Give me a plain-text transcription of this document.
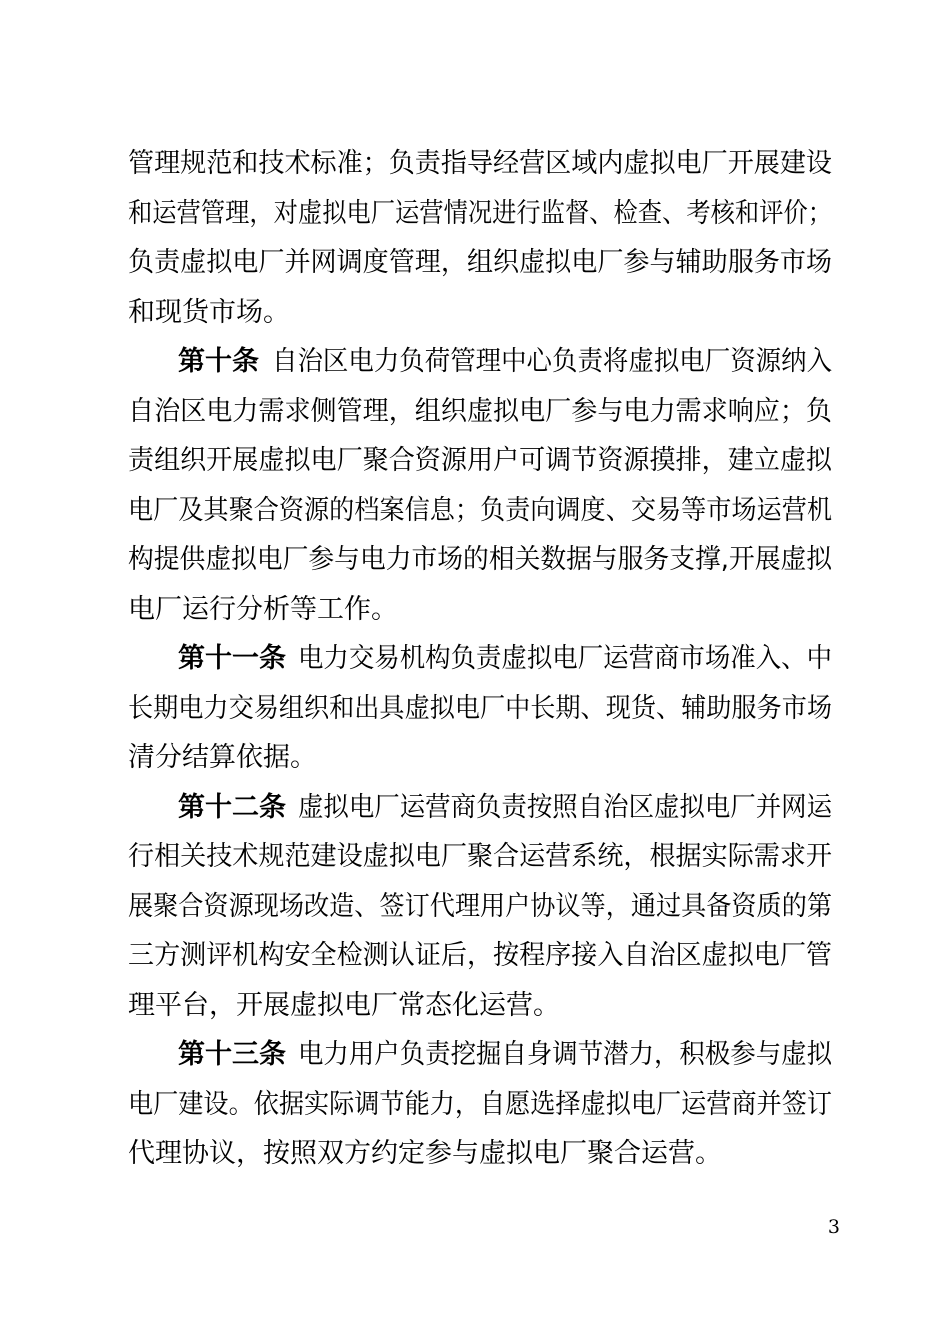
管理规范和技术标准；负责指导经营区域内虚拟电厂开展建设
和运营管理，对虚拟电厂运营情况进行监督、检查、考核和评价；
负责虚拟电厂并网调度管理，组织虚拟电厂参与辅助服务市场
和现货市场。
第十条 自治区电力负荷管理中心负责将虚拟电厂资源纳入
自治区电力需求侧管理，组织虚拟电厂参与电力需求响应；负
责组织开展虚拟电厂聚合资源用户可调节资源摸排，建立虚拟
电厂及其聚合资源的档案信息；负责向调度、交易等市场运营机
构提供虚拟电厂参与电力市场的相关数据与服务支撑,开展虚拟
电厂运行分析等工作。
第十一条 电力交易机构负责虚拟电厂运营商市场准入、中
长期电力交易组织和出具虚拟电厂中长期、现货、辅助服务市场
清分结算依据。
第十二条 虚拟电厂运营商负责按照自治区虚拟电厂并网运
行相关技术规范建设虚拟电厂聚合运营系统，根据实际需求开
展聚合资源现场改造、签订代理用户协议等，通过具备资质的第
三方测评机构安全检测认证后，按程序接入自治区虚拟电厂管
理平台，开展虚拟电厂常态化运营。
第十三条 电力用户负责挖掘自身调节潜力，积极参与虚拟
电厂建设。依据实际调节能力，自愿选择虚拟电厂运营商并签订
代理协议，按照双方约定参与虚拟电厂聚合运营。
3
